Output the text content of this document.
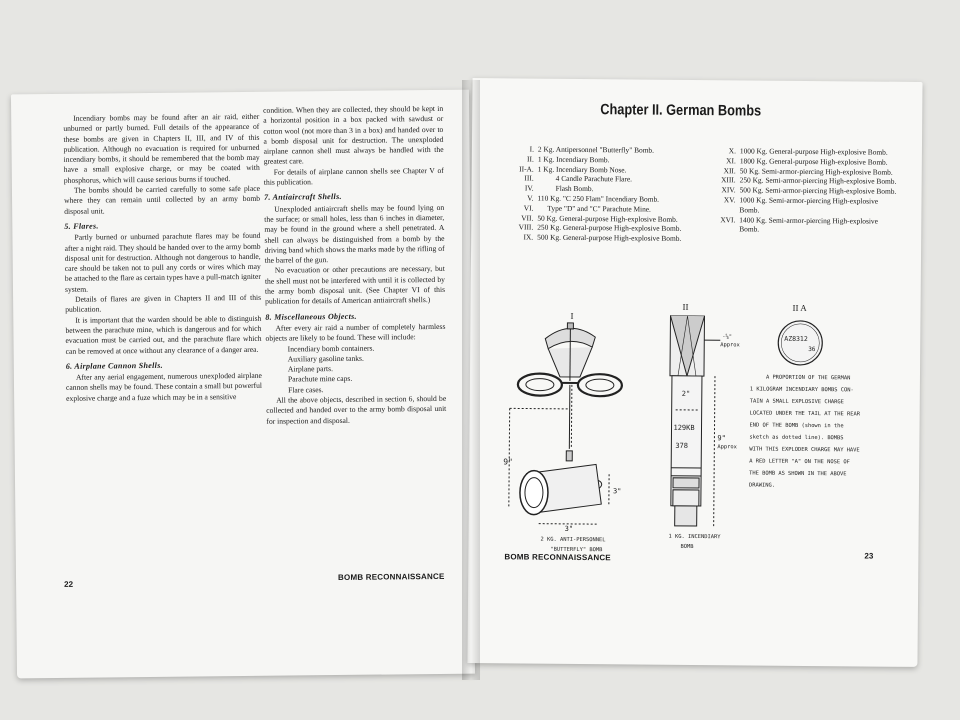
Incendiary bombs may be found after an air raid, either unburned or partly burned. Full details of the appearance of these bombs are given in Chapters II, III, and IV of this publication. Although no evacuation is required for unburned incendiary bombs, it should be remembered that the bomb may have a small explosive charge, or may be coated with phosphorus, which will cause serious burns if touched.

The bombs should be carried carefully to some safe place where they can remain until collected by an army bomb disposal unit.

5. Flares.

Partly burned or unburned parachute flares may be found after a night raid. They should be handed over to the army bomb disposal unit for destruction. Although not dangerous to handle, care should be taken not to pull any cords or wires which may be attached to the flare as certain types have a pull-match igniter system.

Details of flares are given in Chapters II and III of this publication.

It is important that the warden should be able to distinguish between the parachute mine, which is dangerous and for which evacuation must be carried out, and the parachute flare which can be removed at once without any clearance of a danger area.

6. Airplane Cannon Shells.

After any aerial engagement, numerous unexploded airplane cannon shells may be found. These contain a small but powerful explosive charge and a fuze which may be in a sensitive

condition. When they are collected, they should be kept in a horizontal position in a box packed with sawdust or cotton wool (not more than 3 in a box) and handed over to a bomb disposal unit for destruction. The unexploded airplane cannon shell must always be handled with the greatest care.

For details of airplane cannon shells see Chapter V of this publication.

7. Antiaircraft Shells.

Unexploded antiaircraft shells may be found lying on the surface; or small holes, less than 6 inches in diameter, may be found in the ground where a shell penetrated. A shell can always be distinguished from a bomb by the driving band which shows the marks made by the rifling of the barrel of the gun.

No evacuation or other precautions are necessary, but the shell must not be interfered with until it is collected by the army bomb disposal unit. (See Chapter VI of this publication for details of American antiaircraft shells.)

8. Miscellaneous Objects.

After every air raid a number of completely harmless objects are likely to be found. These will include:

Incendiary bomb containers.

Auxiliary gasoline tanks.

Airplane parts.

Parachute mine caps.

Flare cases.

All the above objects, described in section 6, should be collected and handed over to the army bomb disposal unit for inspection and disposal.

22
BOMB RECONNAISSANCE
Chapter II. German Bombs
I. 2 Kg. Antipersonnel "Butterfly" Bomb.
II. 1 Kg. Incendiary Bomb.
II-A. 1 Kg. Incendiary Bomb Nose.
III.	4 Candle Parachute Flare.
IV.	Flash Bomb.
V. 110 Kg. "C 250 Flam" Incendiary Bomb.
VI.	Type "D" and "C" Parachute Mine.
VII. 50 Kg. General-purpose High-explosive Bomb.
VIII. 250 Kg. General-purpose High-explosive Bomb.
IX. 500 Kg. General-purpose High-explosive Bomb.
X. 1000 Kg. General-purpose High-explosive Bomb.
XI. 1800 Kg. General-purpose High-explosive Bomb.
XII. 50 Kg. Semi-armor-piercing High-explosive Bomb.
XIII. 250 Kg. Semi-armor-piercing High-explosive Bomb.
XIV. 500 Kg. Semi-armor-piercing High-explosive Bomb.
XV. 1000 Kg. Semi-armor-piercing High-explosive Bomb.
XVI. 1400 Kg. Semi-armor-piercing High-explosive Bomb.
I
9"
3"
3"
2 KG. ANTI-PERSONNEL
"BUTTERFLY" BOMB
II
-⅝"
Approx
2"
129KB
378
9"
Approx
1 KG. INCENDIARY
BOMB
II A
AZ8312
36
A PROPORTION OF THE GERMAN
1 KILOGRAM INCENDIARY BOMBS CON-
TAIN A SMALL EXPLOSIVE CHARGE
LOCATED UNDER THE TAIL AT THE REAR
END OF THE BOMB (shown in the
sketch as dotted line). BOMBS
WITH THIS EXPLODER CHARGE MAY HAVE
A RED LETTER "A" ON THE NOSE OF
THE BOMB AS SHOWN IN THE ABOVE
DRAWING.
BOMB RECONNAISSANCE	23
